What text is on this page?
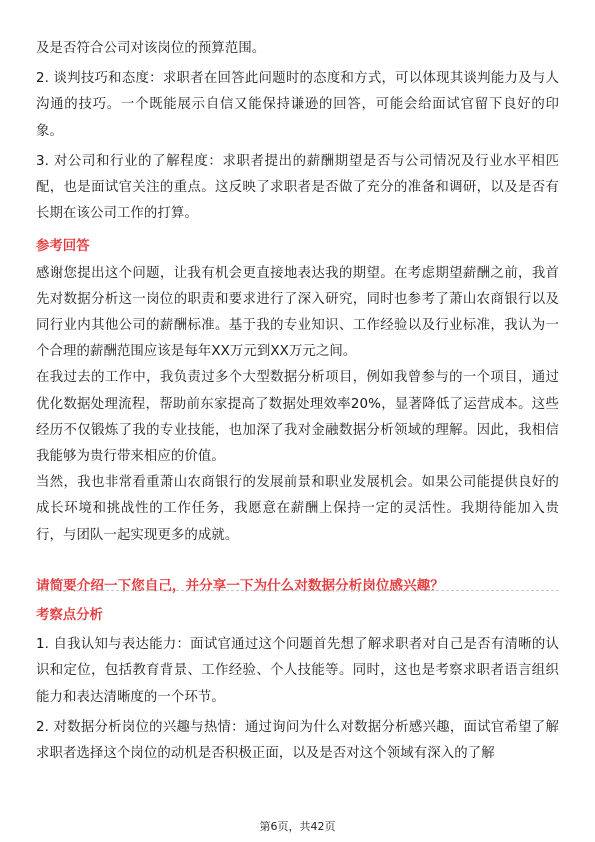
及是否符合公司对该岗位的预算范围。

2. 谈判技巧和态度：求职者在回答此问题时的态度和方式，可以体现其谈判能力及与人沟通的技巧。一个既能展示自信又能保持谦逊的回答，可能会给面试官留下良好的印象。

3. 对公司和行业的了解程度：求职者提出的薪酬期望是否与公司情况及行业水平相匹配，也是面试官关注的重点。这反映了求职者是否做了充分的准备和调研，以及是否有长期在该公司工作的打算。

参考回答

感谢您提出这个问题，让我有机会更直接地表达我的期望。在考虑期望薪酬之前，我首先对数据分析这一岗位的职责和要求进行了深入研究，同时也参考了萧山农商银行以及同行业内其他公司的薪酬标准。基于我的专业知识、工作经验以及行业标准，我认为一个合理的薪酬范围应该是每年XX万元到XX万元之间。

在我过去的工作中，我负责过多个大型数据分析项目，例如我曾参与的一个项目，通过优化数据处理流程，帮助前东家提高了数据处理效率20%，显著降低了运营成本。这些经历不仅锻炼了我的专业技能，也加深了我对金融数据分析领域的理解。因此，我相信我能够为贵行带来相应的价值。

当然，我也非常看重萧山农商银行的发展前景和职业发展机会。如果公司能提供良好的成长环境和挑战性的工作任务，我愿意在薪酬上保持一定的灵活性。我期待能加入贵行，与团队一起实现更多的成就。

请简要介绍一下您自己，并分享一下为什么对数据分析岗位感兴趣？

考察点分析

1. 自我认知与表达能力：面试官通过这个问题首先想了解求职者对自己是否有清晰的认识和定位，包括教育背景、工作经验、个人技能等。同时，这也是考察求职者语言组织能力和表达清晰度的一个环节。

2. 对数据分析岗位的兴趣与热情：通过询问为什么对数据分析感兴趣，面试官希望了解求职者选择这个岗位的动机是否积极正面，以及是否对这个领域有深入的了解

第6页，共42页
